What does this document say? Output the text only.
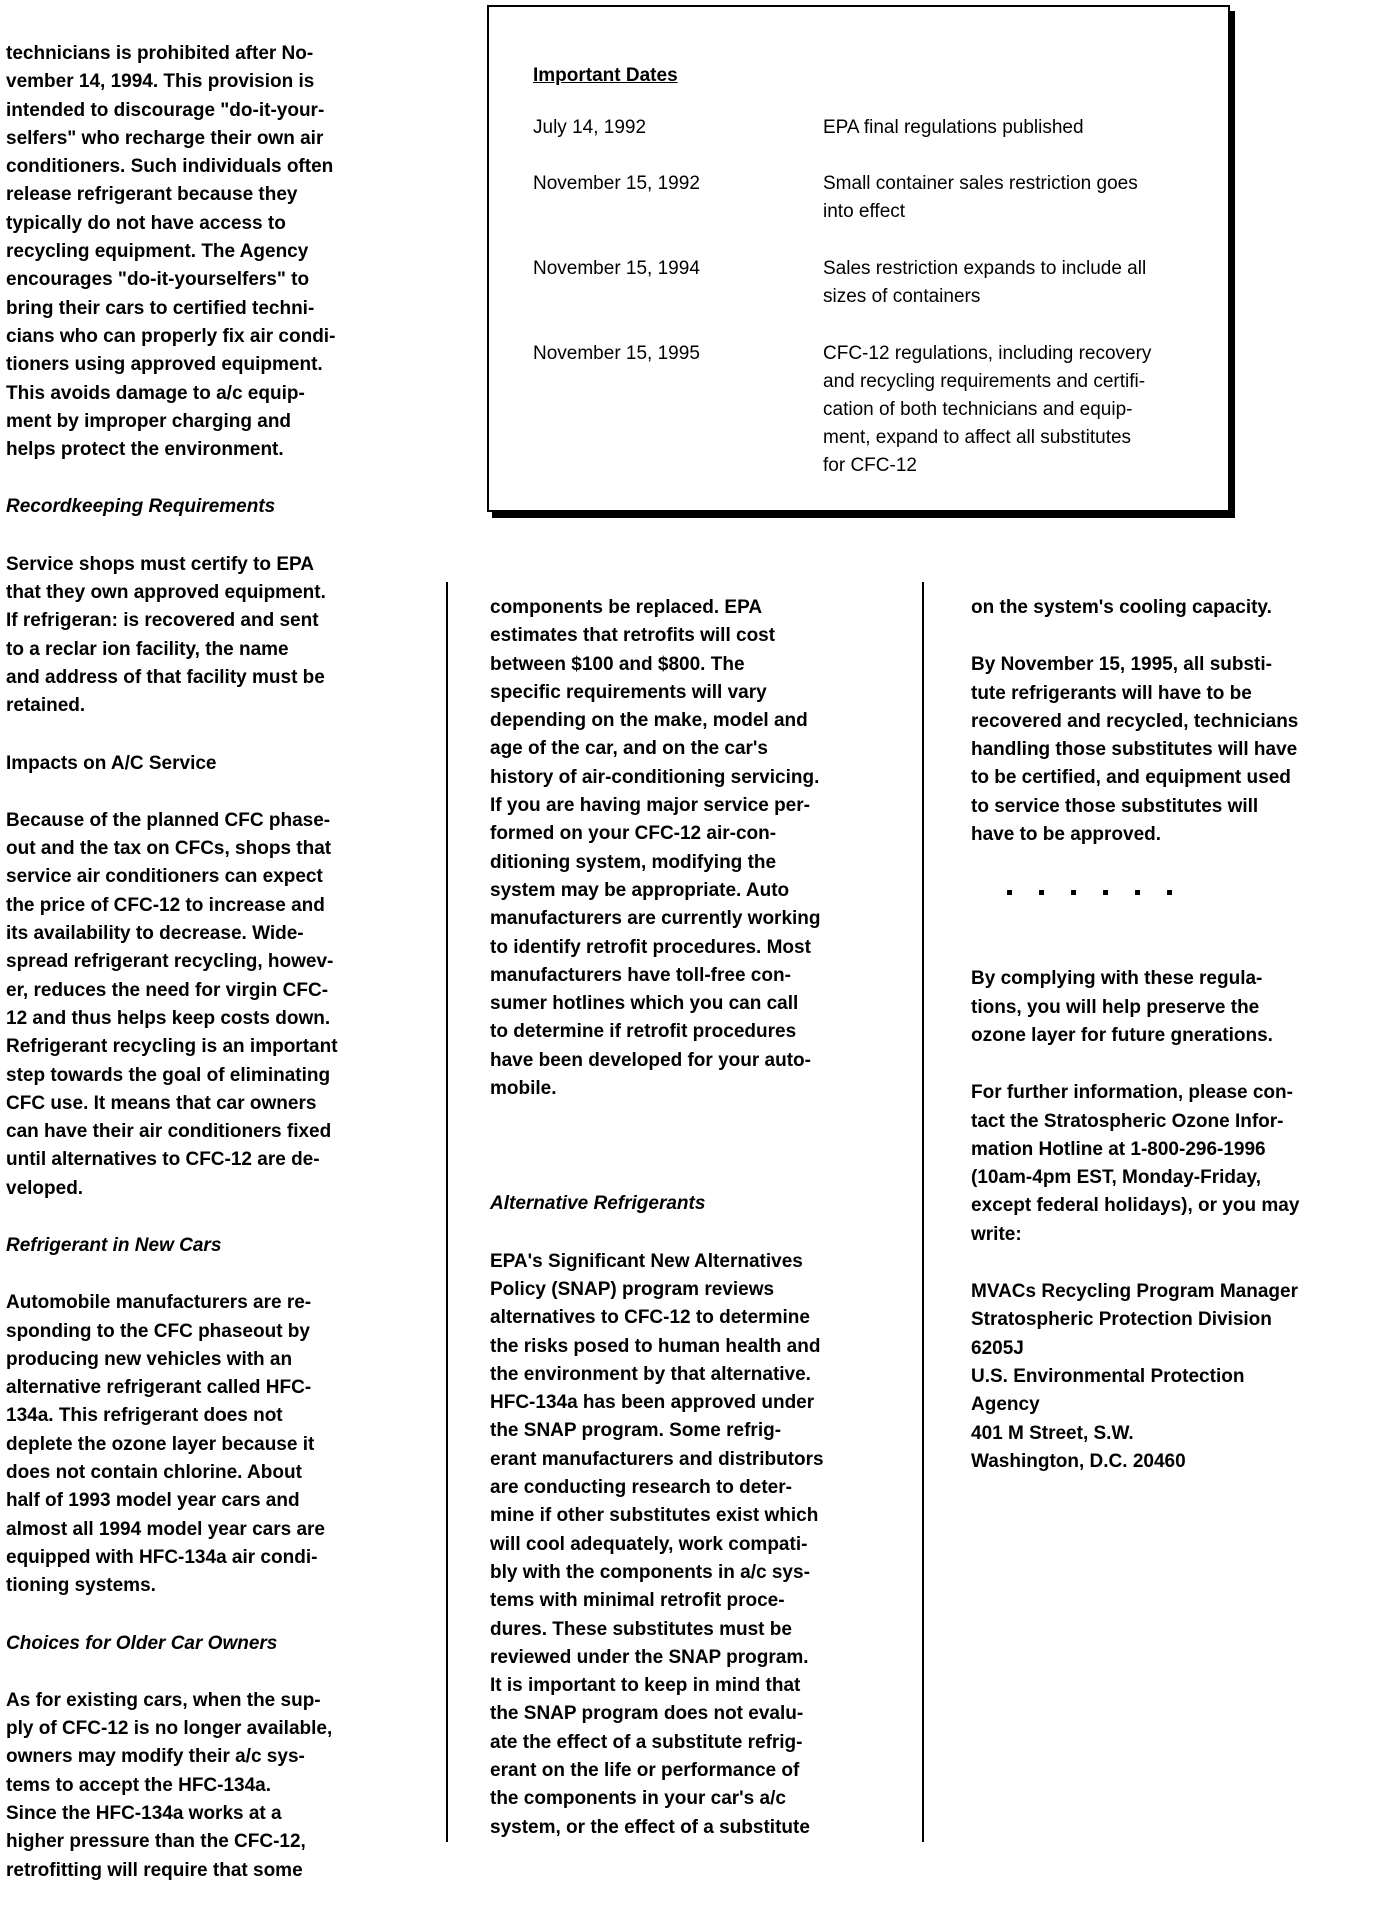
technicians is prohibited after No-
vember 14, 1994. This provision is
intended to discourage "do-it-your-
selfers" who recharge their own air
conditioners. Such individuals often
release refrigerant because they
typically do not have access to
recycling equipment. The Agency
encourages "do-it-yourselfers" to
bring their cars to certified techni-
cians who can properly fix air condi-
tioners using approved equipment.
This avoids damage to a/c equip-
ment by improper charging and
helps protect the environment.

Recordkeeping Requirements

Service shops must certify to EPA
that they own approved equipment.
If refrigeran: is recovered and sent
to a reclar ion facility, the name
and address of that facility must be
retained.

Impacts on A/C Service

Because of the planned CFC phase-
out and the tax on CFCs, shops that
service air conditioners can expect
the price of CFC-12 to increase and
its availability to decrease. Wide-
spread refrigerant recycling, howev-
er, reduces the need for virgin CFC-
12 and thus helps keep costs down.
Refrigerant recycling is an important
step towards the goal of eliminating
CFC use. It means that car owners
can have their air conditioners fixed
until alternatives to CFC-12 are de-
veloped.

Refrigerant in New Cars

Automobile manufacturers are re-
sponding to the CFC phaseout by
producing new vehicles with an
alternative refrigerant called HFC-
134a. This refrigerant does not
deplete the ozone layer because it
does not contain chlorine. About
half of 1993 model year cars and
almost all 1994 model year cars are
equipped with HFC-134a air condi-
tioning systems.

Choices for Older Car Owners

As for existing cars, when the sup-
ply of CFC-12 is no longer available,
owners may modify their a/c sys-
tems to accept the HFC-134a.
Since the HFC-134a works at a
higher pressure than the CFC-12,
retrofitting will require that some

Important Dates
July 14, 1992	EPA final regulations published
November 15, 1992	Small container sales restriction goes
into effect
November 15, 1994	Sales restriction expands to include all
sizes of containers
November 15, 1995	CFC-12 regulations, including recovery
and recycling requirements and certifi-
cation of both technicians and equip-
ment, expand to affect all substitutes
for CFC-12

components be replaced. EPA
estimates that retrofits will cost
between $100 and $800. The
specific requirements will vary
depending on the make, model and
age of the car, and on the car's
history of air-conditioning servicing.
If you are having major service per-
formed on your CFC-12 air-con-
ditioning system, modifying the
system may be appropriate. Auto
manufacturers are currently working
to identify retrofit procedures. Most
manufacturers have toll-free con-
sumer hotlines which you can call
to determine if retrofit procedures
have been developed for your auto-
mobile.

Alternative Refrigerants

EPA's Significant New Alternatives
Policy (SNAP) program reviews
alternatives to CFC-12 to determine
the risks posed to human health and
the environment by that alternative.
HFC-134a has been approved under
the SNAP program. Some refrig-
erant manufacturers and distributors
are conducting research to deter-
mine if other substitutes exist which
will cool adequately, work compati-
bly with the components in a/c sys-
tems with minimal retrofit proce-
dures. These substitutes must be
reviewed under the SNAP program.
It is important to keep in mind that
the SNAP program does not evalu-
ate the effect of a substitute refrig-
erant on the life or performance of
the components in your car's a/c
system, or the effect of a substitute

on the system's cooling capacity.

By November 15, 1995, all substi-
tute refrigerants will have to be
recovered and recycled, technicians
handling those substitutes will have
to be certified, and equipment used
to service those substitutes will
have to be approved.

By complying with these regula-
tions, you will help preserve the
ozone layer for future gnerations.

For further information, please con-
tact the Stratospheric Ozone Infor-
mation Hotline at 1-800-296-1996
(10am-4pm EST, Monday-Friday,
except federal holidays), or you may
write:

MVACs Recycling Program Manager
Stratospheric Protection Division
6205J
U.S. Environmental Protection
Agency
401 M Street, S.W.
Washington, D.C. 20460
